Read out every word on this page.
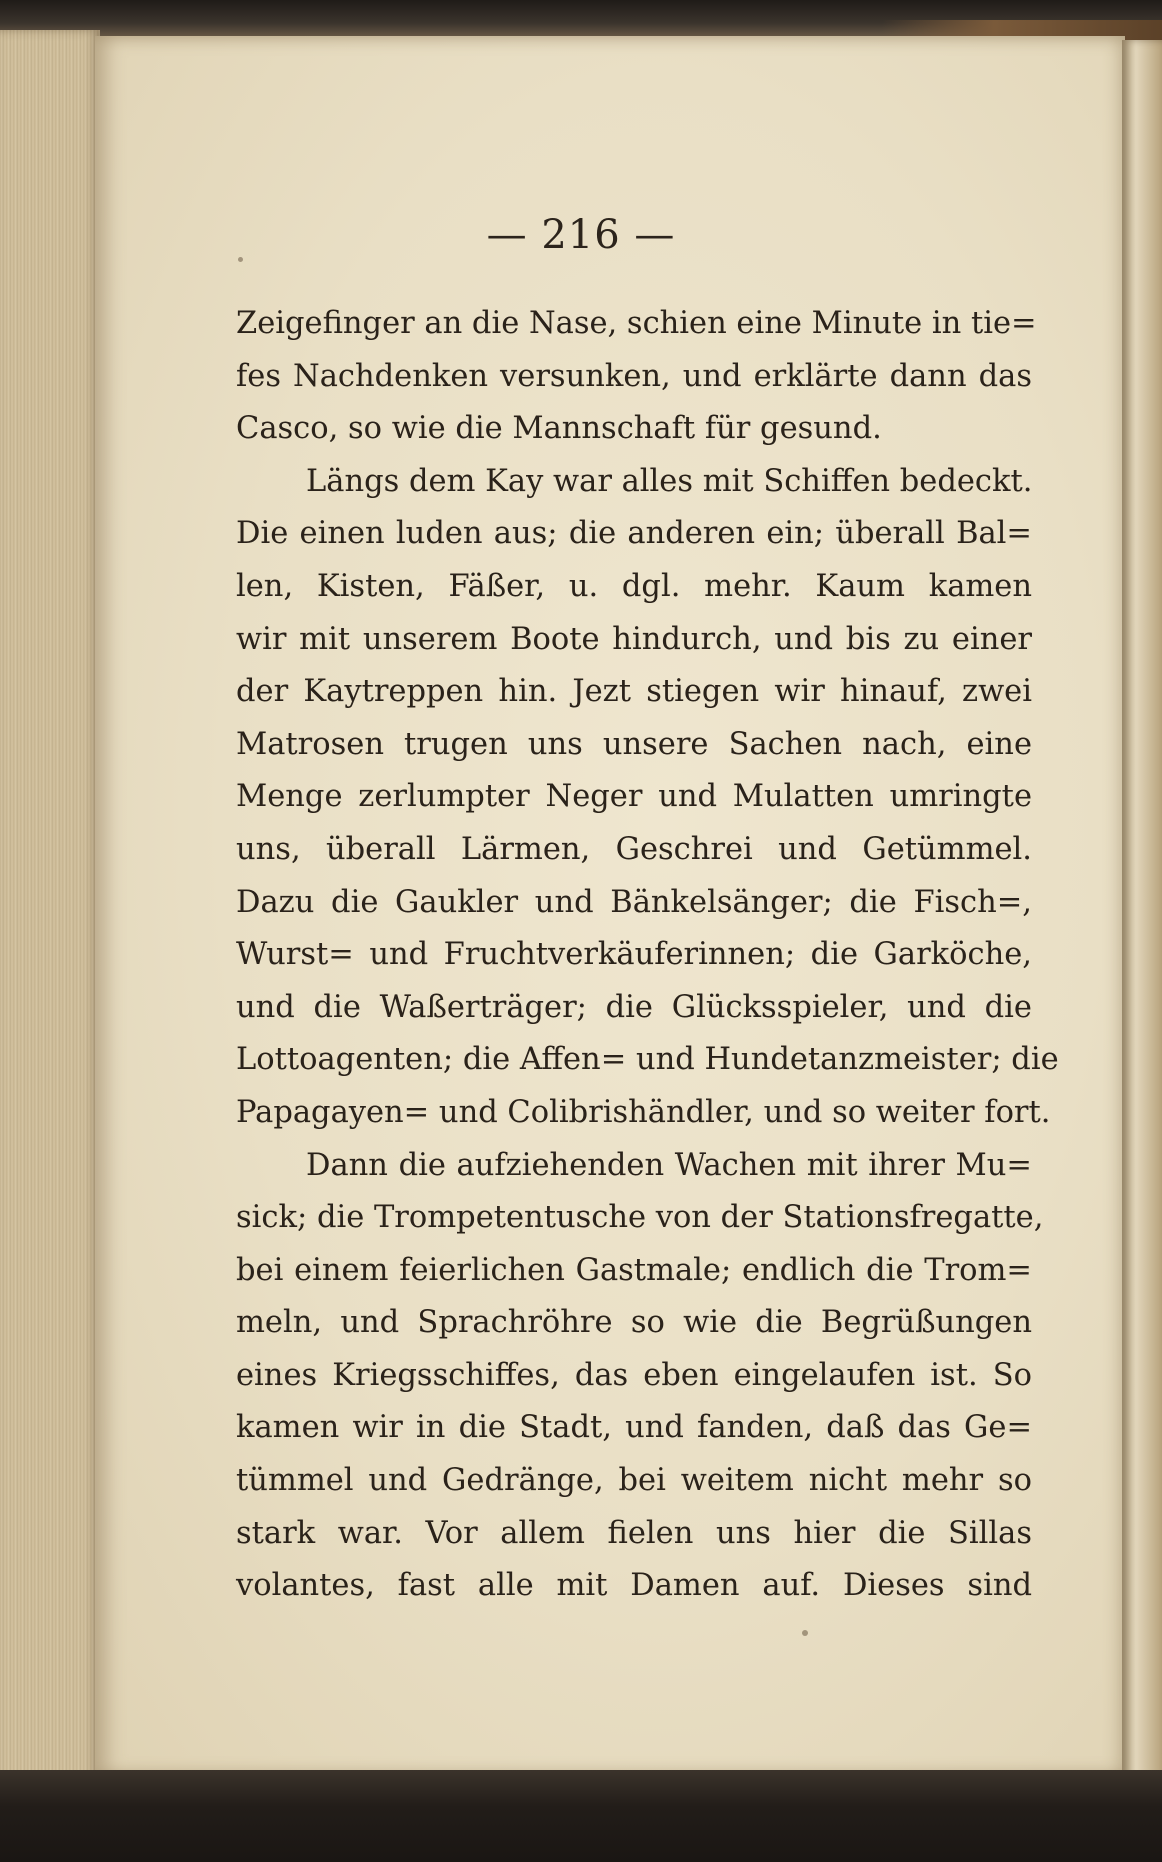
— 216 —
Zeigefinger an die Nase, schien eine Minute in tie=
fes Nachdenken versunken, und erklärte dann das
Casco, so wie die Mannschaft für gesund.
Längs dem Kay war alles mit Schiffen bedeckt.
Die einen luden aus; die anderen ein; überall Bal=
len, Kisten, Fäßer, u. dgl. mehr. Kaum kamen
wir mit unserem Boote hindurch, und bis zu einer
der Kaytreppen hin. Jezt stiegen wir hinauf, zwei
Matrosen trugen uns unsere Sachen nach, eine
Menge zerlumpter Neger und Mulatten umringte
uns, überall Lärmen, Geschrei und Getümmel.
Dazu die Gaukler und Bänkelsänger; die Fisch=,
Wurst= und Fruchtverkäuferinnen; die Garköche,
und die Waßerträger; die Glücksspieler, und die
Lottoagenten; die Affen= und Hundetanzmeister; die
Papagayen= und Colibrishändler, und so weiter fort.
Dann die aufziehenden Wachen mit ihrer Mu=
sick; die Trompetentusche von der Stationsfregatte,
bei einem feierlichen Gastmale; endlich die Trom=
meln, und Sprachröhre so wie die Begrüßungen
eines Kriegsschiffes, das eben eingelaufen ist. So
kamen wir in die Stadt, und fanden, daß das Ge=
tümmel und Gedränge, bei weitem nicht mehr so
stark war. Vor allem fielen uns hier die Sillas
volantes, fast alle mit Damen auf. Dieses sind
